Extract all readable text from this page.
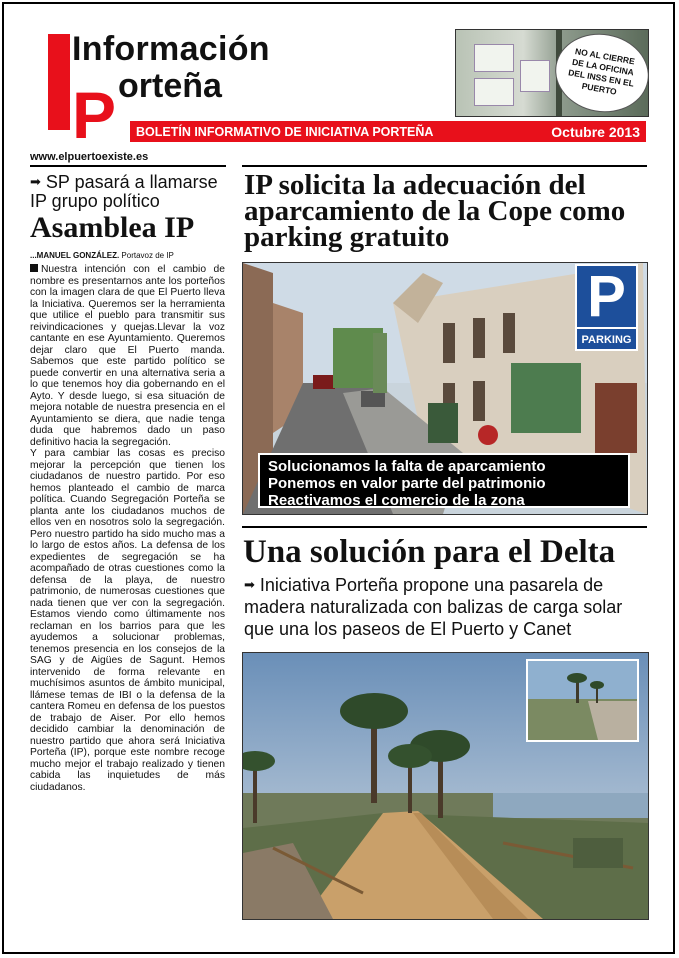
Información
P orteña
BOLETÍN INFORMATIVO DE INICIATIVA PORTEÑA	Octubre 2013
NO AL CIERRE DE LA OFICINA DEL INSS EN EL PUERTO
www.elpuertoexiste.es
➡ SP pasará a llamarse IP grupo político
Asamblea IP
...MANUEL GONZÁLEZ. Portavoz de IP

Nuestra intención con el cambio de nombre es presentarnos ante los porteños con la imagen clara de que El Puerto lleva la Iniciativa. Queremos ser la herramienta que utilice el pueblo para transmitir sus reivindicaciones y quejas.Llevar la voz cantante en ese Ayuntamiento. Queremos dejar claro que El Puerto manda. Sabemos que este partido político se puede convertir en una alternativa seria a lo que tenemos hoy dia gobernando en el Ayto. Y desde luego, si esa situación de mejora notable de nuestra presencia en el Ayuntamiento se diera, que nadie tenga duda que habremos dado un paso definitivo hacia la segregación.

Y para cambiar las cosas es preciso mejorar la percepción que tienen los ciudadanos de nuestro partido. Por eso hemos planteado el cambio de marca política. Cuando Segregación Porteña se planta ante los ciudadanos muchos de ellos ven en nosotros solo la segregación. Pero nuestro partido ha sido mucho mas a lo largo de estos años. La defensa de los expedientes de segregación se ha acompañado de otras cuestiones como la defensa de la playa, de nuestro patrimonio, de numerosas cuestiones que nada tienen que ver con la segregación. Estamos viendo como últimamente nos reclaman en los barrios para que les ayudemos a solucionar problemas, tenemos presencia en los consejos de la SAG y de Aigües de Sagunt. Hemos intervenido de forma relevante en muchísimos asuntos de ámbito municipal, llámese temas de IBI o la defensa de la cantera Romeu en defensa de los puestos de trabajo de Aiser. Por ello hemos decidido cambiar la denominación de nuestro partido que ahora será Iniciativa Porteña (IP), porque este nombre recoge mucho mejor el trabajo realizado y tienen cabida las inquietudes de más ciudadanos.

IP solicita la adecuación del aparcamiento de la Cope como parking gratuito
P
PARKING
Solucionamos la falta de aparcamiento
Ponemos en valor parte del patrimonio
Reactivamos el comercio de la zona
Una solución para el Delta
➡ Iniciativa Porteña propone una pasarela de madera naturalizada con balizas de carga solar que una los paseos de El Puerto y Canet
